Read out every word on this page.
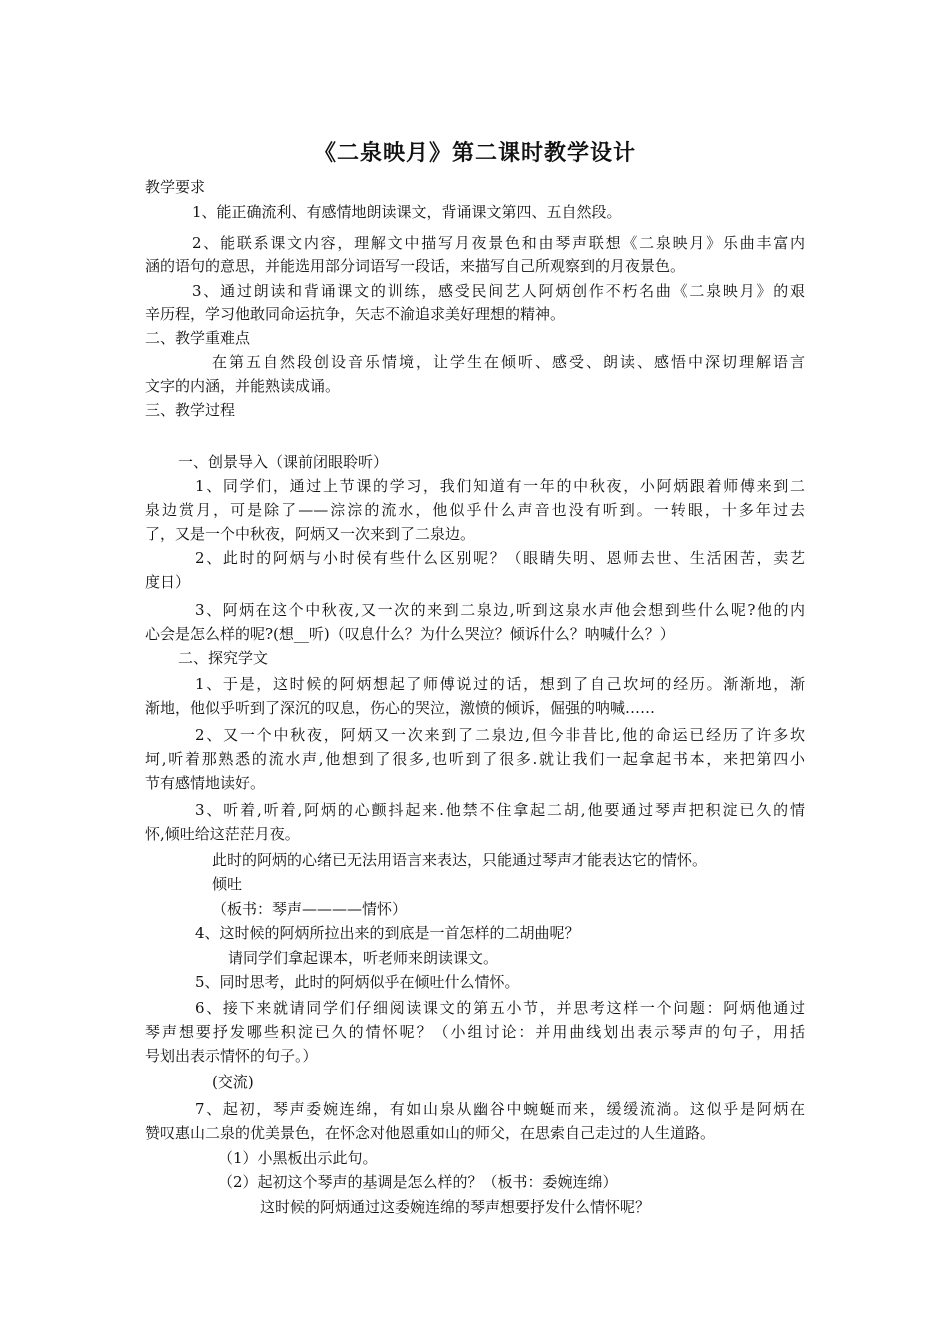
《二泉映月》第二课时教学设计
教学要求
1、能正确流利、有感情地朗读课文，背诵课文第四、五自然段。
2、能联系课文内容，理解文中描写月夜景色和由琴声联想《二泉映月》乐曲丰富内
涵的语句的意思，并能选用部分词语写一段话，来描写自己所观察到的月夜景色。
3、通过朗读和背诵课文的训练，感受民间艺人阿炳创作不朽名曲《二泉映月》的艰
辛历程，学习他敢同命运抗争，矢志不渝追求美好理想的精神。
二、教学重难点
在第五自然段创设音乐情境，让学生在倾听、感受、朗读、感悟中深切理解语言
文字的内涵，并能熟读成诵。
三、教学过程
一、创景导入（课前闭眼聆听）
1、同学们，通过上节课的学习，我们知道有一年的中秋夜，小阿炳跟着师傅来到二
泉边赏月，可是除了——淙淙的流水，他似乎什么声音也没有听到。一转眼，十多年过去
了，又是一个中秋夜，阿炳又一次来到了二泉边。
2、此时的阿炳与小时侯有些什么区别呢？（眼睛失明、恩师去世、生活困苦，卖艺
度日）
3、阿炳在这个中秋夜,又一次的来到二泉边,听到这泉水声他会想到些什么呢?他的内
心会是怎么样的呢?(想__听)（叹息什么？为什么哭泣？倾诉什么？呐喊什么？）
二、探究学文
1、于是，这时候的阿炳想起了师傅说过的话，想到了自己坎坷的经历。渐渐地，渐
渐地，他似乎听到了深沉的叹息，伤心的哭泣，激愤的倾诉，倔强的呐喊……
2、又一个中秋夜，阿炳又一次来到了二泉边,但今非昔比,他的命运已经历了许多坎
坷,听着那熟悉的流水声,他想到了很多,也听到了很多.就让我们一起拿起书本，来把第四小
节有感情地读好。
3、听着,听着,阿炳的心颤抖起来.他禁不住拿起二胡,他要通过琴声把积淀已久的情
怀,倾吐给这茫茫月夜。
此时的阿炳的心绪已无法用语言来表达，只能通过琴声才能表达它的情怀。
倾吐
（板书：琴声————情怀）
4、这时候的阿炳所拉出来的到底是一首怎样的二胡曲呢？
请同学们拿起课本，听老师来朗读课文。
5、同时思考，此时的阿炳似乎在倾吐什么情怀。
6、接下来就请同学们仔细阅读课文的第五小节，并思考这样一个问题：阿炳他通过
琴声想要抒发哪些积淀已久的情怀呢？（小组讨论：并用曲线划出表示琴声的句子，用括
号划出表示情怀的句子。）
(交流)
7、起初，琴声委婉连绵，有如山泉从幽谷中蜿蜒而来，缓缓流淌。这似乎是阿炳在
赞叹惠山二泉的优美景色，在怀念对他恩重如山的师父，在思索自己走过的人生道路。
（1）小黑板出示此句。
（2）起初这个琴声的基调是怎么样的？（板书：委婉连绵）
这时候的阿炳通过这委婉连绵的琴声想要抒发什么情怀呢？
